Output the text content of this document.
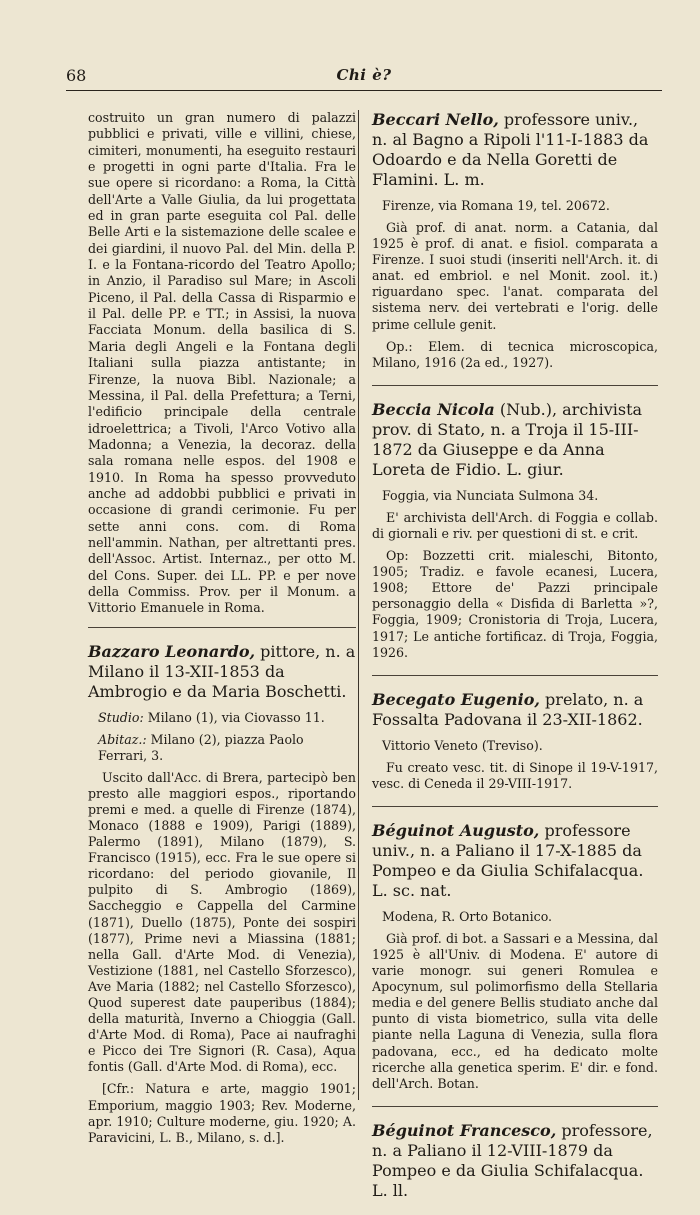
68	Chi è?

costruito un gran numero di palazzi pubblici e privati, ville e villini, chiese, cimiteri, monumenti, ha eseguito restauri e progetti in ogni parte d'Italia. Fra le sue opere si ricordano: a Roma, la Città dell'Arte a Valle Giulia, da lui progettata ed in gran parte eseguita col Pal. delle Belle Arti e la sistemazione delle scalee e dei giardini, il nuovo Pal. del Min. della P. I. e la Fontana-ricordo del Teatro Apollo; in Anzio, il Paradiso sul Mare; in Ascoli Piceno, il Pal. della Cassa di Risparmio e il Pal. delle PP. e TT.; in Assisi, la nuova Facciata Monum. della basilica di S. Maria degli Angeli e la Fontana degli Italiani sulla piazza antistante; in Firenze, la nuova Bibl. Nazionale; a Messina, il Pal. della Prefettura; a Terni, l'edificio principale della centrale idroelettrica; a Tivoli, l'Arco Votivo alla Madonna; a Venezia, la decoraz. della sala romana nelle espos. del 1908 e 1910. In Roma ha spesso provveduto anche ad addobbi pubblici e privati in occasione di grandi cerimonie. Fu per sette anni cons. com. di Roma nell'ammin. Nathan, per altrettanti pres. dell'Assoc. Artist. Internaz., per otto M. del Cons. Super. dei LL. PP. e per nove della Commiss. Prov. per il Monum. a Vittorio Emanuele in Roma.

Bazzaro Leonardo, pittore, n. a Milano il 13-XII-1853 da Ambrogio e da Maria Boschetti.

Studio: Milano (1), via Ciovasso 11.

Abitaz.: Milano (2), piazza Paolo Ferrari, 3.

Uscito dall'Acc. di Brera, partecipò ben presto alle maggiori espos., riportando premi e med. a quelle di Firenze (1874), Monaco (1888 e 1909), Parigi (1889), Palermo (1891), Milano (1879), S. Francisco (1915), ecc. Fra le sue opere si ricordano: del periodo giovanile, Il pulpito di S. Ambrogio (1869), Saccheggio e Cappella del Carmine (1871), Duello (1875), Ponte dei sospiri (1877), Prime nevi a Miassina (1881; nella Gall. d'Arte Mod. di Venezia), Vestizione (1881, nel Castello Sforzesco), Ave Maria (1882; nel Castello Sforzesco), Quod superest date pauperibus (1884); della maturità, Inverno a Chioggia (Gall. d'Arte Mod. di Roma), Pace ai naufraghi e Picco dei Tre Signori (R. Casa), Aqua fontis (Gall. d'Arte Mod. di Roma), ecc.

[Cfr.: Natura e arte, maggio 1901; Emporium, maggio 1903; Rev. Moderne, apr. 1910; Culture moderne, giu. 1920; A. Paravicini, L. B., Milano, s. d.].

Beccari Nello, professore univ., n. al Bagno a Ripoli l'11-I-1883 da Odoardo e da Nella Goretti de Flamini. L. m.

Firenze, via Romana 19, tel. 20672.

Già prof. di anat. norm. a Catania, dal 1925 è prof. di anat. e fisiol. comparata a Firenze. I suoi studi (inseriti nell'Arch. it. di anat. ed embriol. e nel Monit. zool. it.) riguardano spec. l'anat. comparata del sistema nerv. dei vertebrati e l'orig. delle prime cellule genit.

Op.: Elem. di tecnica microscopica, Milano, 1916 (2a ed., 1927).

Beccia Nicola (Nub.), archivista prov. di Stato, n. a Troja il 15-III-1872 da Giuseppe e da Anna Loreta de Fidio. L. giur.

Foggia, via Nunciata Sulmona 34.

E' archivista dell'Arch. di Foggia e collab. di giornali e riv. per questioni di st. e crit.

Op: Bozzetti crit. mialeschi, Bitonto, 1905; Tradiz. e favole ecanesi, Lucera, 1908; Ettore de' Pazzi principale personaggio della « Disfida di Barletta »?, Foggia, 1909; Cronistoria di Troja, Lucera, 1917; Le antiche fortificaz. di Troja, Foggia, 1926.

Becegato Eugenio, prelato, n. a Fossalta Padovana il 23-XII-1862.

Vittorio Veneto (Treviso).

Fu creato vesc. tit. di Sinope il 19-V-1917, vesc. di Ceneda il 29-VIII-1917.

Béguinot Augusto, professore univ., n. a Paliano il 17-X-1885 da Pompeo e da Giulia Schifalacqua. L. sc. nat.

Modena, R. Orto Botanico.

Già prof. di bot. a Sassari e a Messina, dal 1925 è all'Univ. di Modena. E' autore di varie monogr. sui generi Romulea e Apocynum, sul polimorfismo della Stellaria media e del genere Bellis studiato anche dal punto di vista biometrico, sulla vita delle piante nella Laguna di Venezia, sulla flora padovana, ecc., ed ha dedicato molte ricerche alla genetica sperim. E' dir. e fond. dell'Arch. Botan.

Béguinot Francesco, professore, n. a Paliano il 12-VIII-1879 da Pompeo e da Giulia Schifalacqua. L. ll.
